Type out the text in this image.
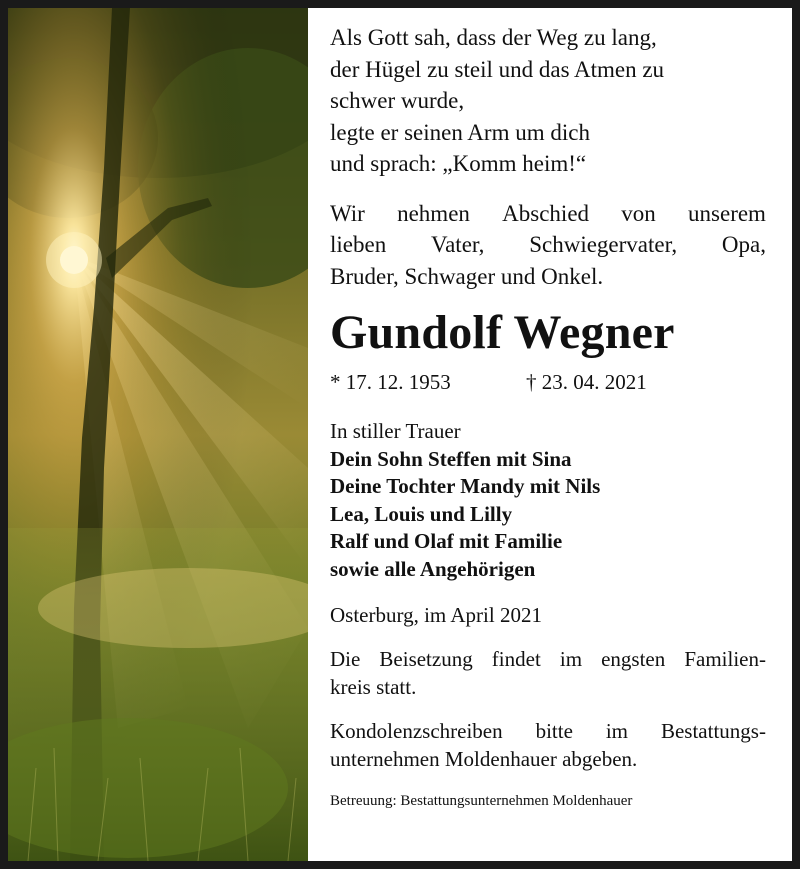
Als Gott sah, dass der Weg zu lang,
der Hügel zu steil und das Atmen zu
schwer wurde,
legte er seinen Arm um dich
und sprach: „Komm heim!“
Wir nehmen Abschied von unserem
lieben Vater, Schwiegervater, Opa,
Bruder, Schwager und Onkel.
Gundolf Wegner
* 17. 12. 1953	† 23. 04. 2021
In stiller Trauer
Dein Sohn Steffen mit Sina
Deine Tochter Mandy mit Nils
Lea, Louis und Lilly
Ralf und Olaf mit Familie
sowie alle Angehörigen
Osterburg, im April 2021
Die Beisetzung findet im engsten Familien-
kreis statt.
Kondolenzschreiben bitte im Bestattungs-
unternehmen Moldenhauer abgeben.
Betreuung: Bestattungsunternehmen Moldenhauer
